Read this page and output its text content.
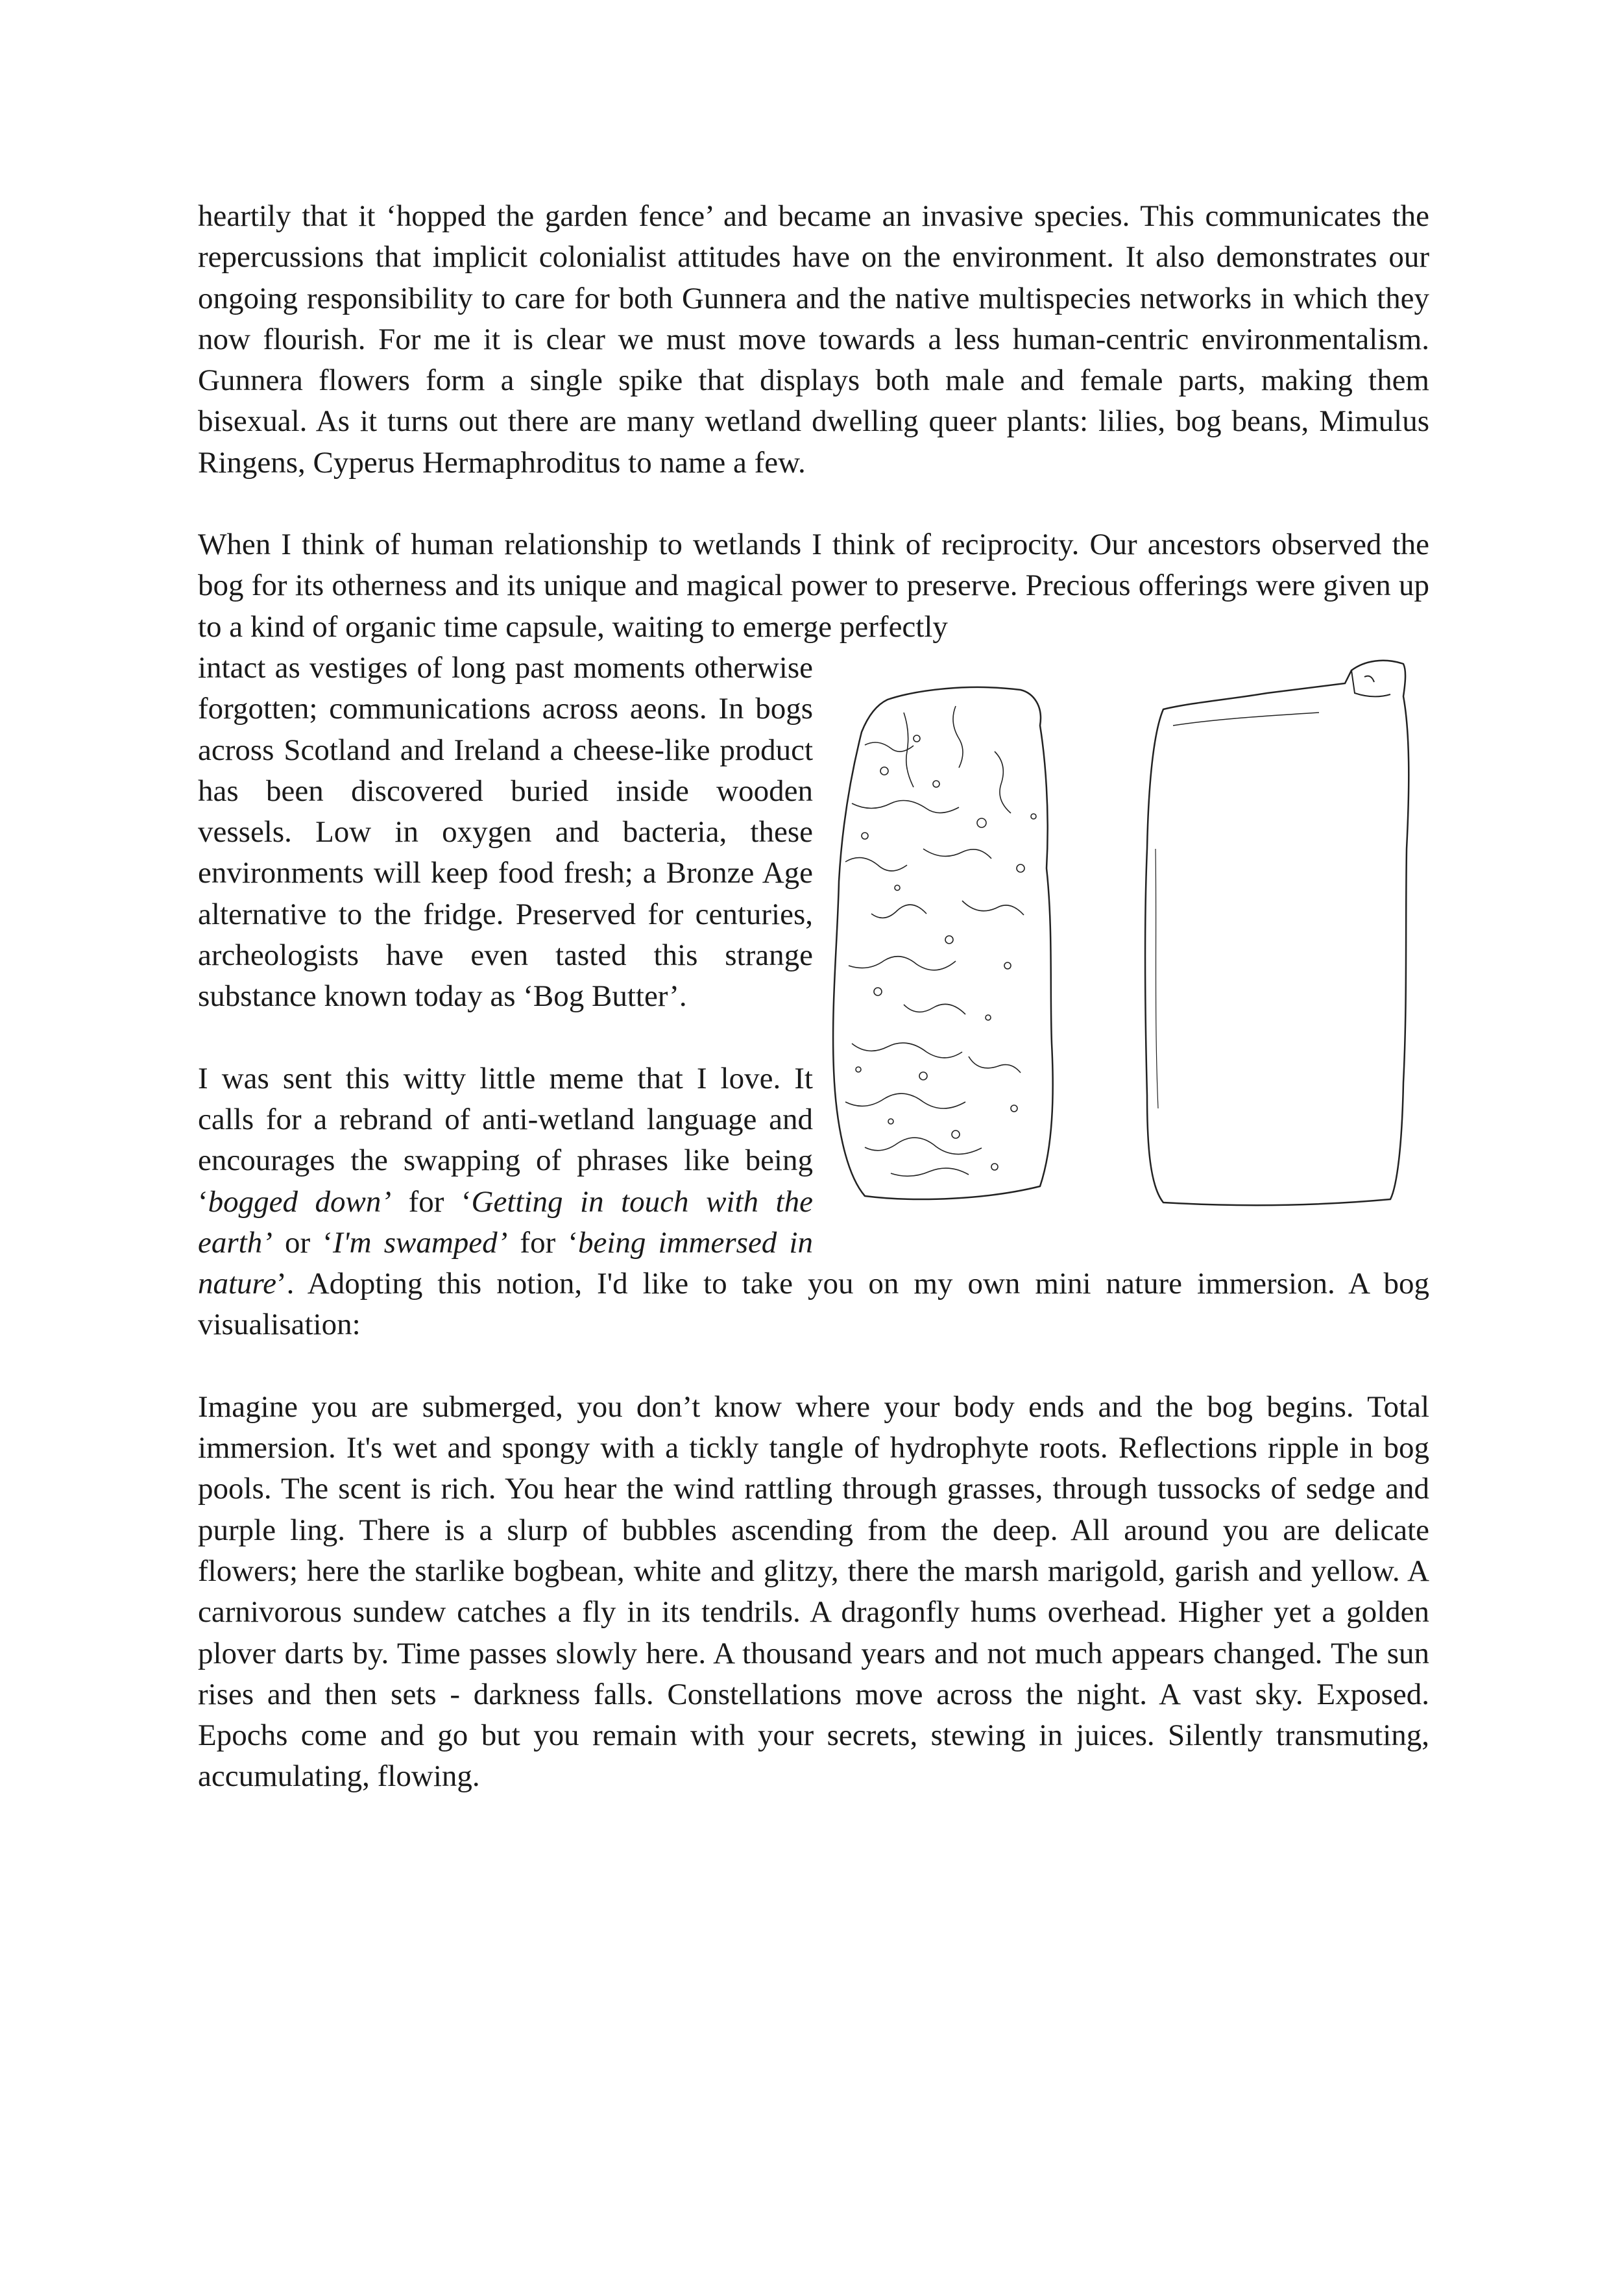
heartily that it ‘hopped the garden fence’ and became an invasive species. This communicates the repercussions that implicit colonialist attitudes have on the environment. It also demonstrates our ongoing responsibility to care for both Gunnera and the native multispecies networks in which they now flourish. For me it is clear we must move towards a less human-centric environmentalism. Gunnera flowers form a single spike that displays both male and female parts, making them bisexual. As it turns out there are many wetland dwelling queer plants: lilies, bog beans, Mimulus Ringens, Cyperus Hermaphroditus to name a few.

When I think of human relationship to wetlands I think of reciprocity. Our ancestors observed the bog for its otherness and its unique and magical power to preserve. Precious offerings were given up to a kind of organic time capsule, waiting to emerge perfectly

intact as vestiges of long past moments otherwise forgotten; communications across aeons. In bogs across Scotland and Ireland a cheese-like product has been discovered buried inside wooden vessels. Low in oxygen and bacteria, these environments will keep food fresh; a Bronze Age alternative to the fridge. Preserved for centuries, archeologists have even tasted this strange substance known today as ‘Bog Butter’.

I was sent this witty little meme that I love. It calls for a rebrand of anti-wetland language and encourages the swapping of phrases like being ‘bogged down’ for ‘Getting in touch with the earth’ or ‘I'm swamped’ for ‘being immersed in nature’. Adopting this notion, I'd like to take you on my own mini nature immersion. A bog visualisation:

Imagine you are submerged, you don’t know where your body ends and the bog begins. Total immersion. It's wet and spongy with a tickly tangle of hydrophyte roots. Reflections ripple in bog pools. The scent is rich. You hear the wind rattling through grasses, through tussocks of sedge and purple ling. There is a slurp of bubbles ascending from the deep. All around you are delicate flowers; here the starlike bogbean, white and glitzy, there the marsh marigold, garish and yellow. A carnivorous sundew catches a fly in its tendrils. A dragonfly hums overhead. Higher yet a golden plover darts by. Time passes slowly here. A thousand years and not much appears changed. The sun rises and then sets - darkness falls. Constellations move across the night. A vast sky. Exposed. Epochs come and go but you remain with your secrets, stewing in juices. Silently transmuting, accumulating, flowing.
